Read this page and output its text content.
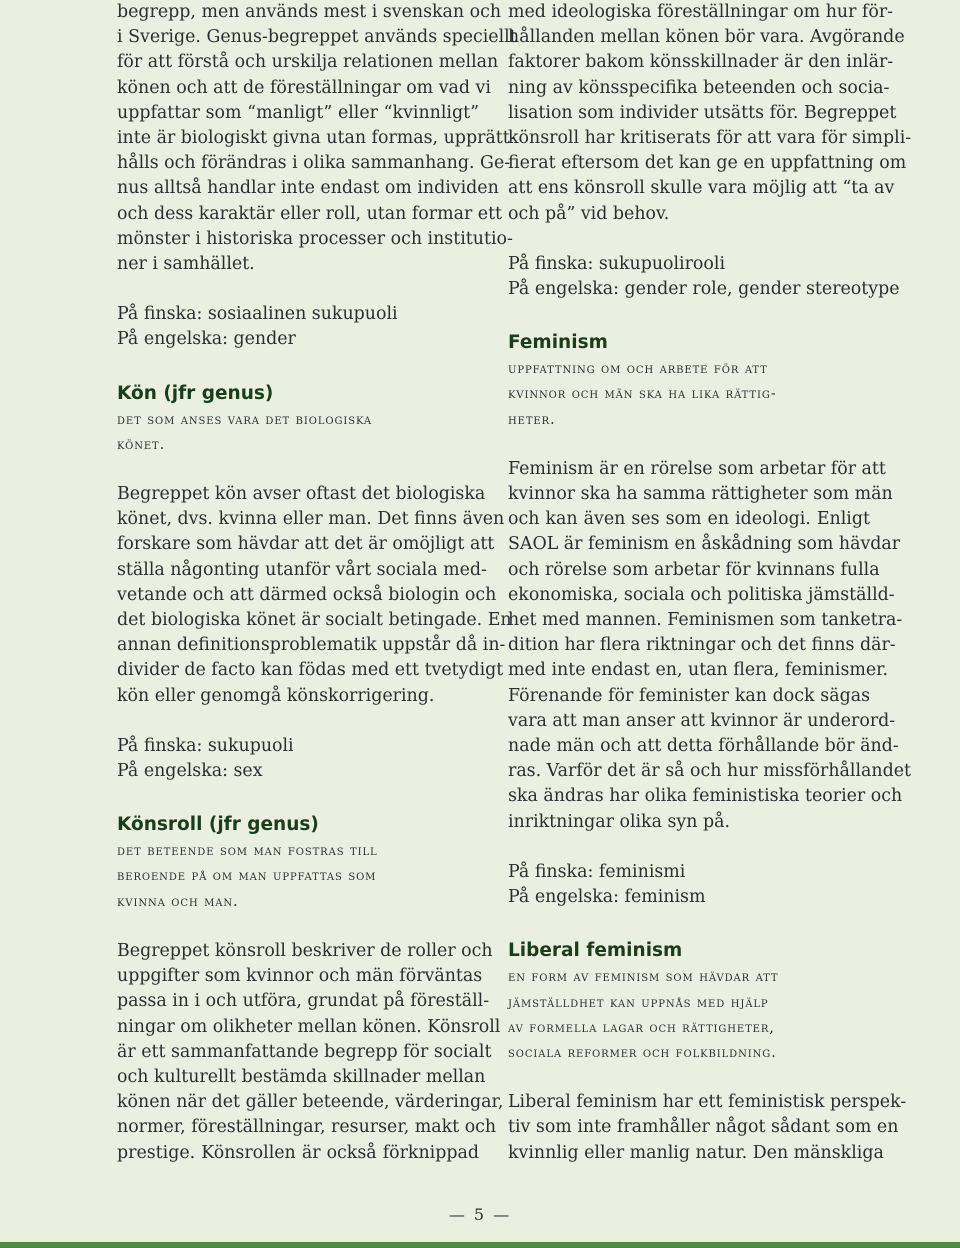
begrepp, men används mest i svenskan och
i Sverige. Genus-begreppet används speciellt
för att förstå och urskilja relationen mellan
könen och att de föreställningar om vad vi
uppfattar som “manligt” eller “kvinnligt”
inte är biologiskt givna utan formas, upprätt-
hålls och förändras i olika sammanhang. Ge-
nus alltså handlar inte endast om individen
och dess karaktär eller roll, utan formar ett
mönster i historiska processer och institutio-
ner i samhället.
På finska: sosiaalinen sukupuoli
På engelska: gender
Kön (jfr genus)
det som anses vara det biologiska
könet.
Begreppet kön avser oftast det biologiska
könet, dvs. kvinna eller man. Det finns även
forskare som hävdar att det är omöjligt att
ställa någonting utanför vårt sociala med-
vetande och att därmed också biologin och
det biologiska könet är socialt betingade. En
annan definitionsproblematik uppstår då in-
divider de facto kan födas med ett tvetydigt
kön eller genomgå könskorrigering.
På finska: sukupuoli
På engelska: sex
Könsroll (jfr genus)
det beteende som man fostras till
beroende på om man uppfattas som
kvinna och man.
Begreppet könsroll beskriver de roller och
uppgifter som kvinnor och män förväntas
passa in i och utföra, grundat på föreställ-
ningar om olikheter mellan könen. Könsroll
är ett sammanfattande begrepp för socialt
och kulturellt bestämda skillnader mellan
könen när det gäller beteende, värderingar,
normer, föreställningar, resurser, makt och
prestige. Könsrollen är också förknippad
med ideologiska föreställningar om hur för-
hållanden mellan könen bör vara. Avgörande
faktorer bakom könsskillnader är den inlär-
ning av könsspecifika beteenden och socia-
lisation som individer utsätts för. Begreppet
könsroll har kritiserats för att vara för simpli-
fierat eftersom det kan ge en uppfattning om
att ens könsroll skulle vara möjlig att “ta av
och på” vid behov.
På finska: sukupuolirooli
På engelska: gender role, gender stereotype
Feminism
uppfattning om och arbete för att
kvinnor och män ska ha lika rättig-
heter.
Feminism är en rörelse som arbetar för att
kvinnor ska ha samma rättigheter som män
och kan även ses som en ideologi. Enligt
SAOL är feminism en åskådning som hävdar
och rörelse som arbetar för kvinnans fulla
ekonomiska, sociala och politiska jämställd-
het med mannen. Feminismen som tanketra-
dition har flera riktningar och det finns där-
med inte endast en, utan flera, feminismer.
Förenande för feminister kan dock sägas
vara att man anser att kvinnor är underord-
nade män och att detta förhållande bör änd-
ras. Varför det är så och hur missförhållandet
ska ändras har olika feministiska teorier och
inriktningar olika syn på.
På finska: feminismi
På engelska: feminism
Liberal feminism
en form av feminism som hävdar att
jämställdhet kan uppnås med hjälp
av formella lagar och rättigheter,
sociala reformer och folkbildning.
Liberal feminism har ett feministisk perspek-
tiv som inte framhåller något sådant som en
kvinnlig eller manlig natur. Den mänskliga
— 5 —
